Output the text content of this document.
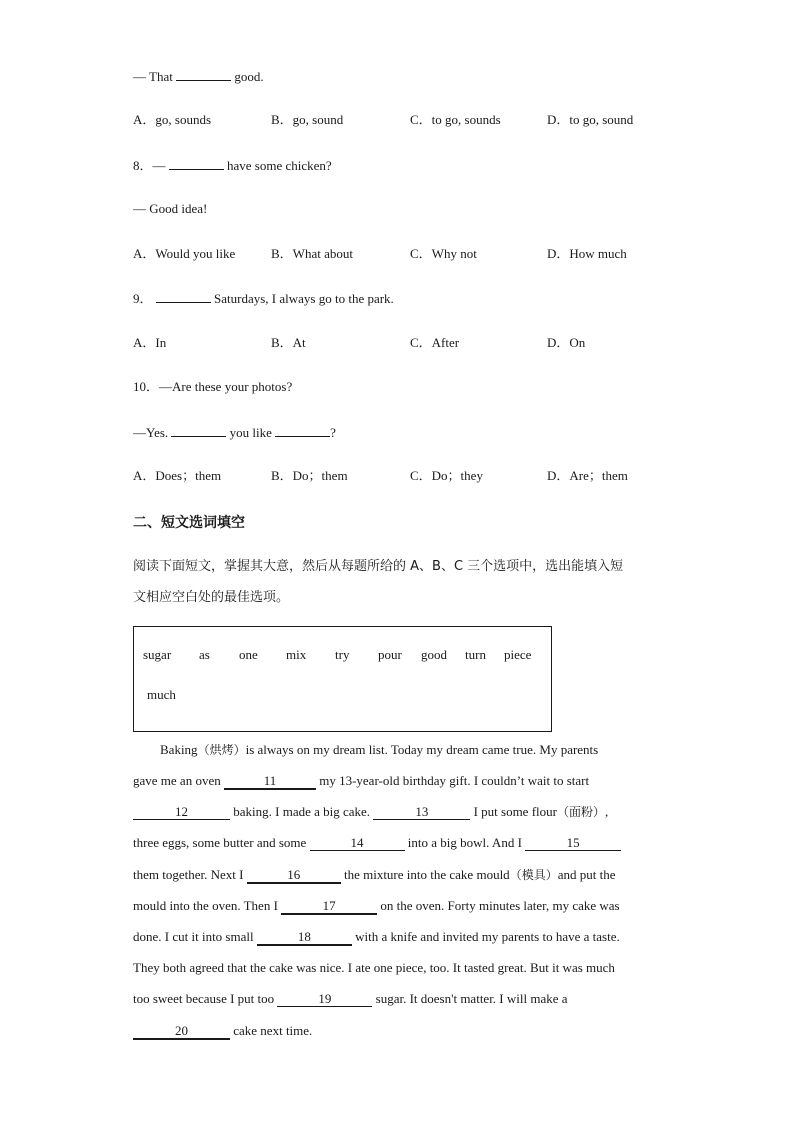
— That	good.
A．go, sounds	B．go, sound	C．to go, sounds	D．to go, sound
8．—	have some chicken?
— Good idea!
A．Would you like	B．What about	C．Why not	D．How much
9．	Saturdays, I always go to the park.
A．In	B．At	C．After	D．On
10．—Are these your photos?
—Yes.	you like	?
A．Does；them	B．Do；them	C．Do；they	D．Are；them
二、短文选词填空
阅读下面短文，掌握其大意，然后从每题所给的 A、B、C 三个选项中，选出能填入短
文相应空白处的最佳选项。
sugar as one mix try pour good turn piece
much
Baking（烘烤）is always on my dream list. Today my dream came true. My parents
gave me an oven	11	my 13-year-old birthday gift. I couldn’t wait to start
12	baking. I made a big cake.	13	I put some flour（面粉）,
three eggs, some butter and some	14	into a big bowl. And I	15
them together. Next I	16	the mixture into the cake mould（模具）and put the
mould into the oven. Then I	17	on the oven. Forty minutes later, my cake was
done. I cut it into small	18	with a knife and invited my parents to have a taste.
They both agreed that the cake was nice. I ate one piece, too. It tasted great. But it was much
too sweet because I put too	19	sugar. It doesn't matter. I will make a
20	cake next time.
